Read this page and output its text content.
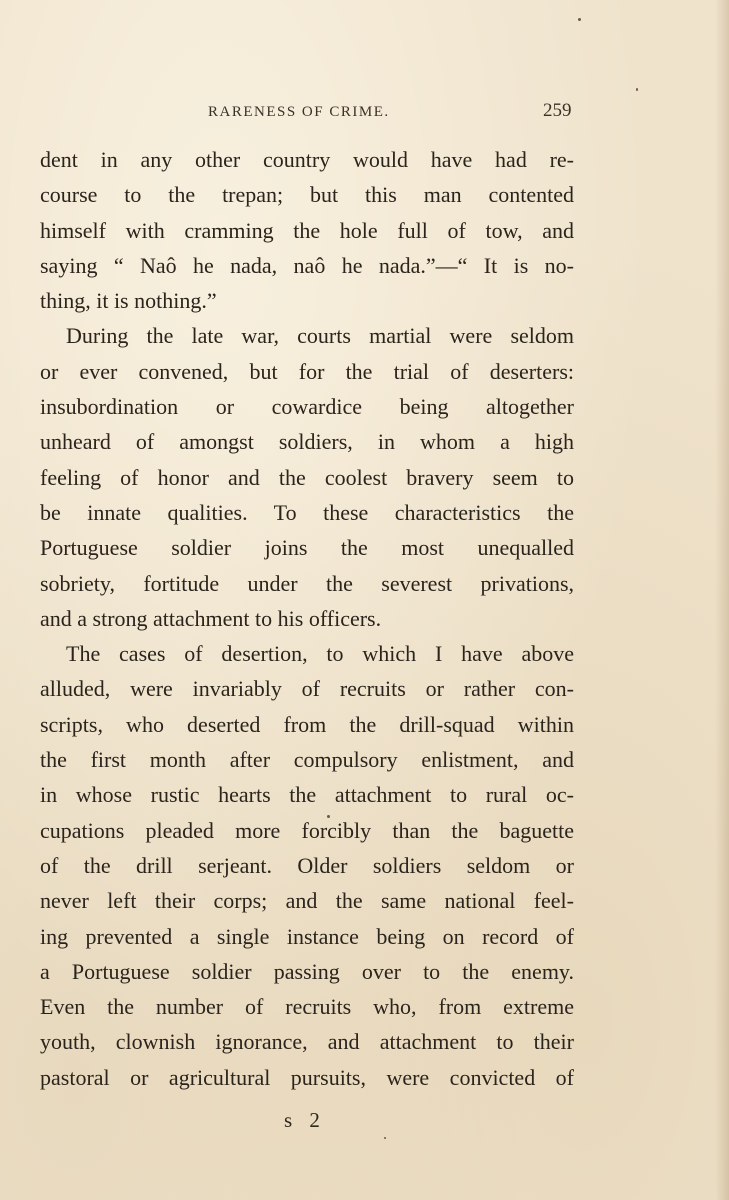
RARENESS OF CRIME.	259
dent in any other country would have had re-
course to the trepan; but this man contented
himself with cramming the hole full of tow, and
saying “ Naô he nada, naô he nada.”—“ It is no-
thing, it is nothing.”
During the late war, courts martial were seldom
or ever convened, but for the trial of deserters:
insubordination or cowardice being altogether
unheard of amongst soldiers, in whom a high
feeling of honor and the coolest bravery seem to
be innate qualities. To these characteristics the
Portuguese soldier joins the most unequalled
sobriety, fortitude under the severest privations,
and a strong attachment to his officers.
The cases of desertion, to which I have above
alluded, were invariably of recruits or rather con-
scripts, who deserted from the drill-squad within
the first month after compulsory enlistment, and
in whose rustic hearts the attachment to rural oc-
cupations pleaded more forcibly than the baguette
of the drill serjeant. Older soldiers seldom or
never left their corps; and the same national feel-
ing prevented a single instance being on record of
a Portuguese soldier passing over to the enemy.
Even the number of recruits who, from extreme
youth, clownish ignorance, and attachment to their
pastoral or agricultural pursuits, were convicted of
s 2
